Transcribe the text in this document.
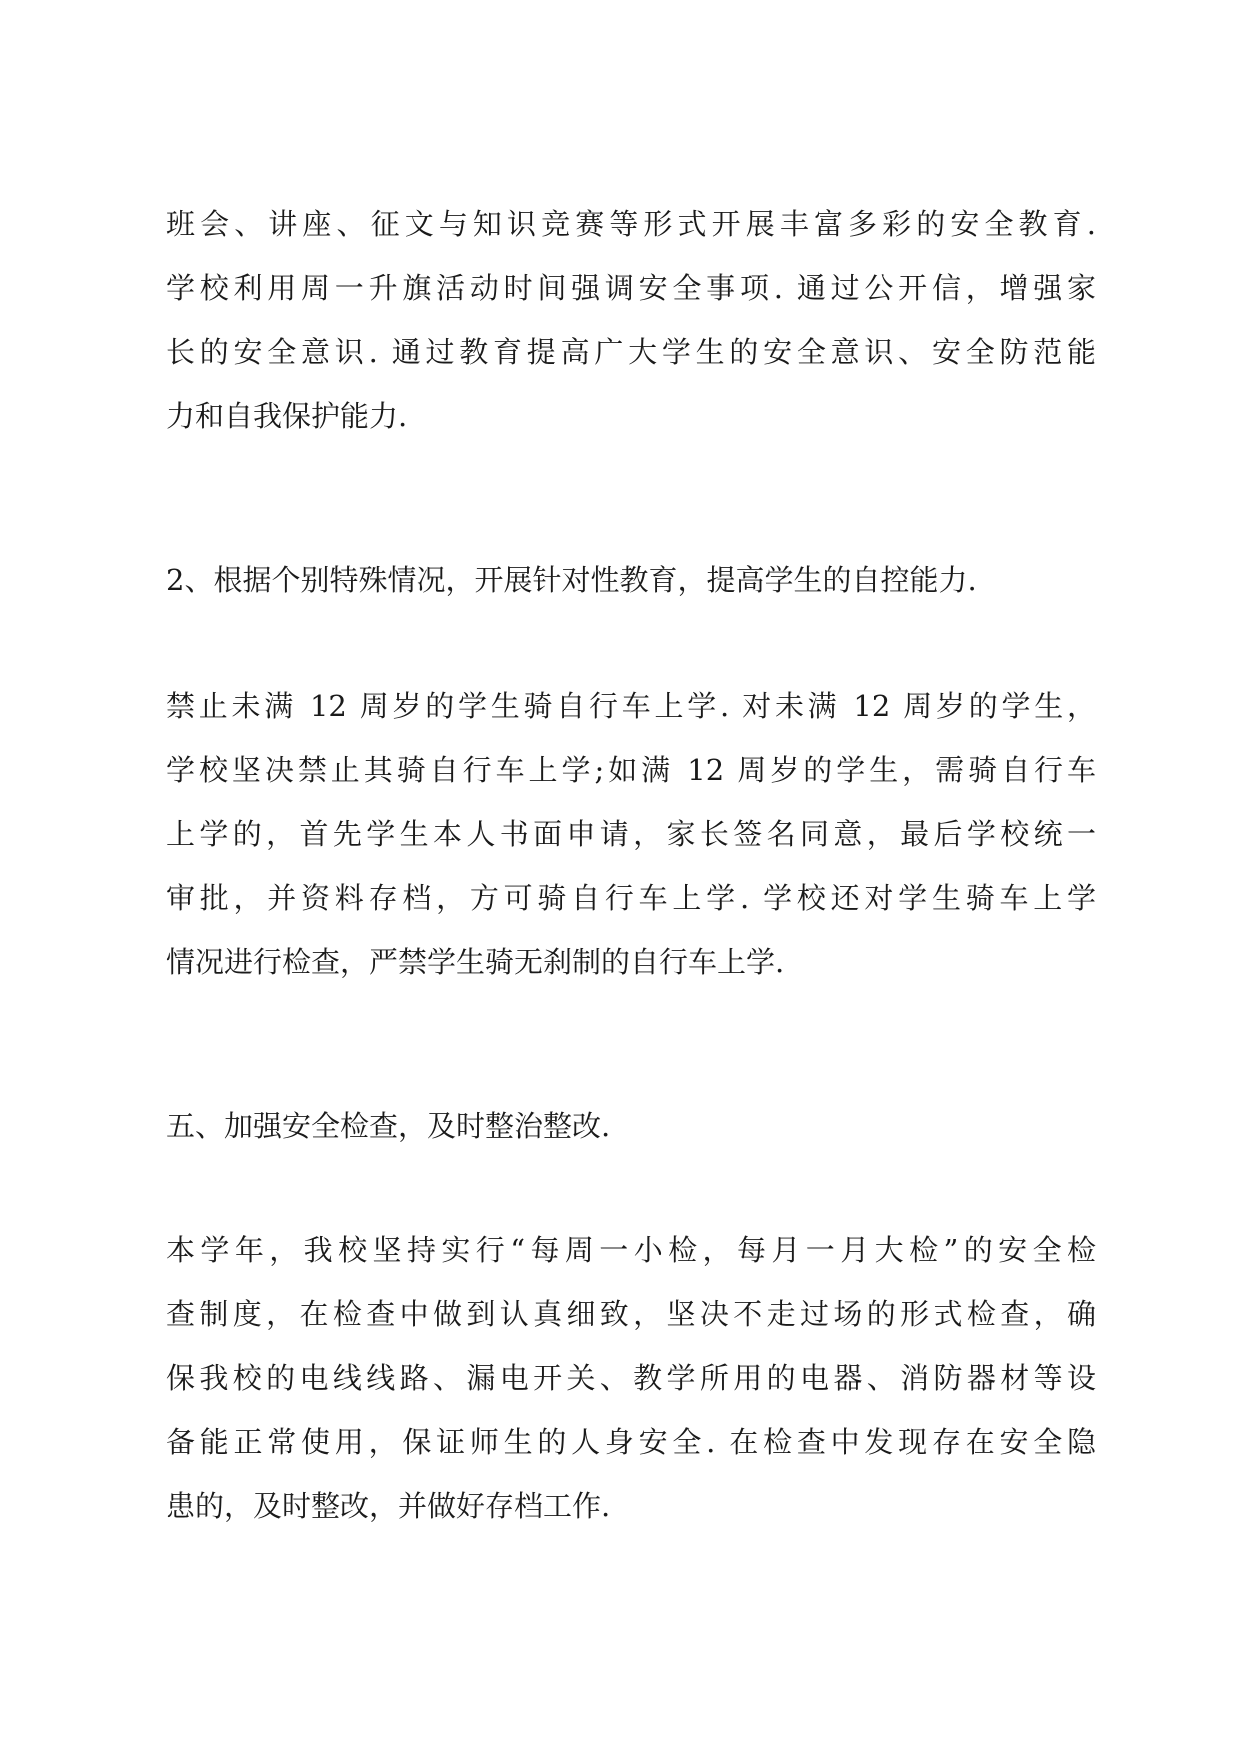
班会、讲座、征文与知识竞赛等形式开展丰富多彩的安全教育.
学校利用周一升旗活动时间强调安全事项. 通过公开信，增强家
长的安全意识. 通过教育提高广大学生的安全意识、安全防范能
力和自我保护能力.
2、根据个别特殊情况，开展针对性教育，提高学生的自控能力.
禁止未满 12 周岁的学生骑自行车上学. 对未满 12 周岁的学生，
学校坚决禁止其骑自行车上学;如满 12 周岁的学生，需骑自行车
上学的，首先学生本人书面申请，家长签名同意，最后学校统一
审批，并资料存档，方可骑自行车上学. 学校还对学生骑车上学
情况进行检查，严禁学生骑无刹制的自行车上学.
五、加强安全检查，及时整治整改.
本学年，我校坚持实行“每周一小检，每月一月大检”的安全检
查制度，在检查中做到认真细致，坚决不走过场的形式检查，确
保我校的电线线路、漏电开关、教学所用的电器、消防器材等设
备能正常使用，保证师生的人身安全. 在检查中发现存在安全隐
患的，及时整改，并做好存档工作.
